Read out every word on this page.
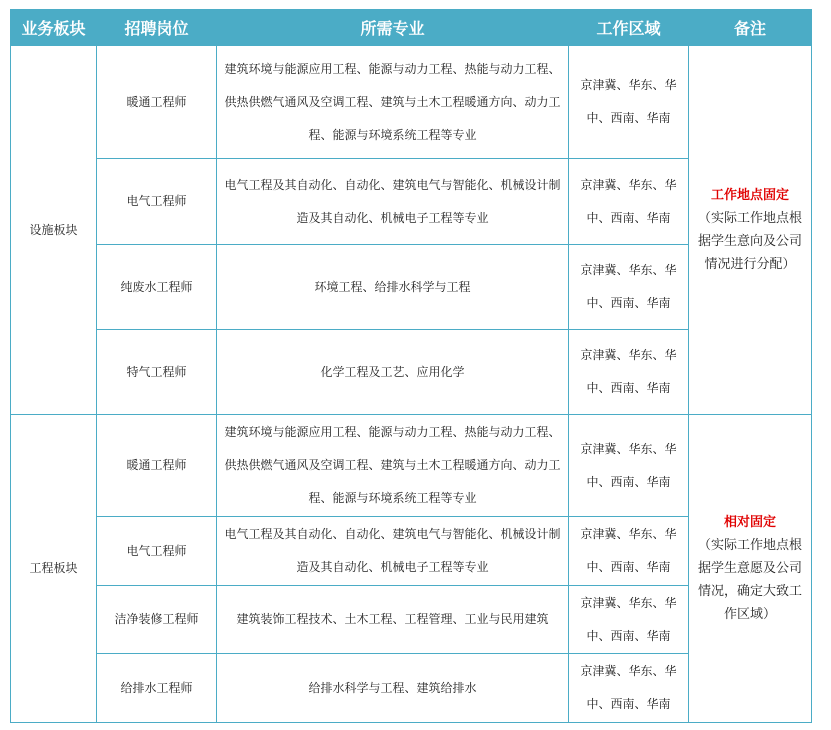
业务板块	招聘岗位	所需专业	工作区域	备注
设施板块	暖通工程师	建筑环境与能源应用工程、能源与动力工程、热能与动力工程、供热供燃气通风及空调工程、建筑与土木工程暖通方向、动力工程、能源与环境系统工程等专业	京津冀、华东、华中、西南、华南	工作地点固定
（实际工作地点根据学生意向及公司情况进行分配）

	电气工程师	电气工程及其自动化、自动化、建筑电气与智能化、机械设计制造及其自动化、机械电子工程等专业	京津冀、华东、华中、西南、华南	
	纯废水工程师	环境工程、给排水科学与工程	京津冀、华东、华中、西南、华南	
	特气工程师	化学工程及工艺、应用化学	京津冀、华东、华中、西南、华南	
工程板块	暖通工程师	建筑环境与能源应用工程、能源与动力工程、热能与动力工程、供热供燃气通风及空调工程、建筑与土木工程暖通方向、动力工程、能源与环境系统工程等专业	京津冀、华东、华中、西南、华南	相对固定
（实际工作地点根据学生意愿及公司情况，确定大致工作区域）

	电气工程师	电气工程及其自动化、自动化、建筑电气与智能化、机械设计制造及其自动化、机械电子工程等专业	京津冀、华东、华中、西南、华南	
	洁净装修工程师	建筑装饰工程技术、土木工程、工程管理、工业与民用建筑	京津冀、华东、华中、西南、华南	
	给排水工程师	给排水科学与工程、建筑给排水	京津冀、华东、华中、西南、华南	
